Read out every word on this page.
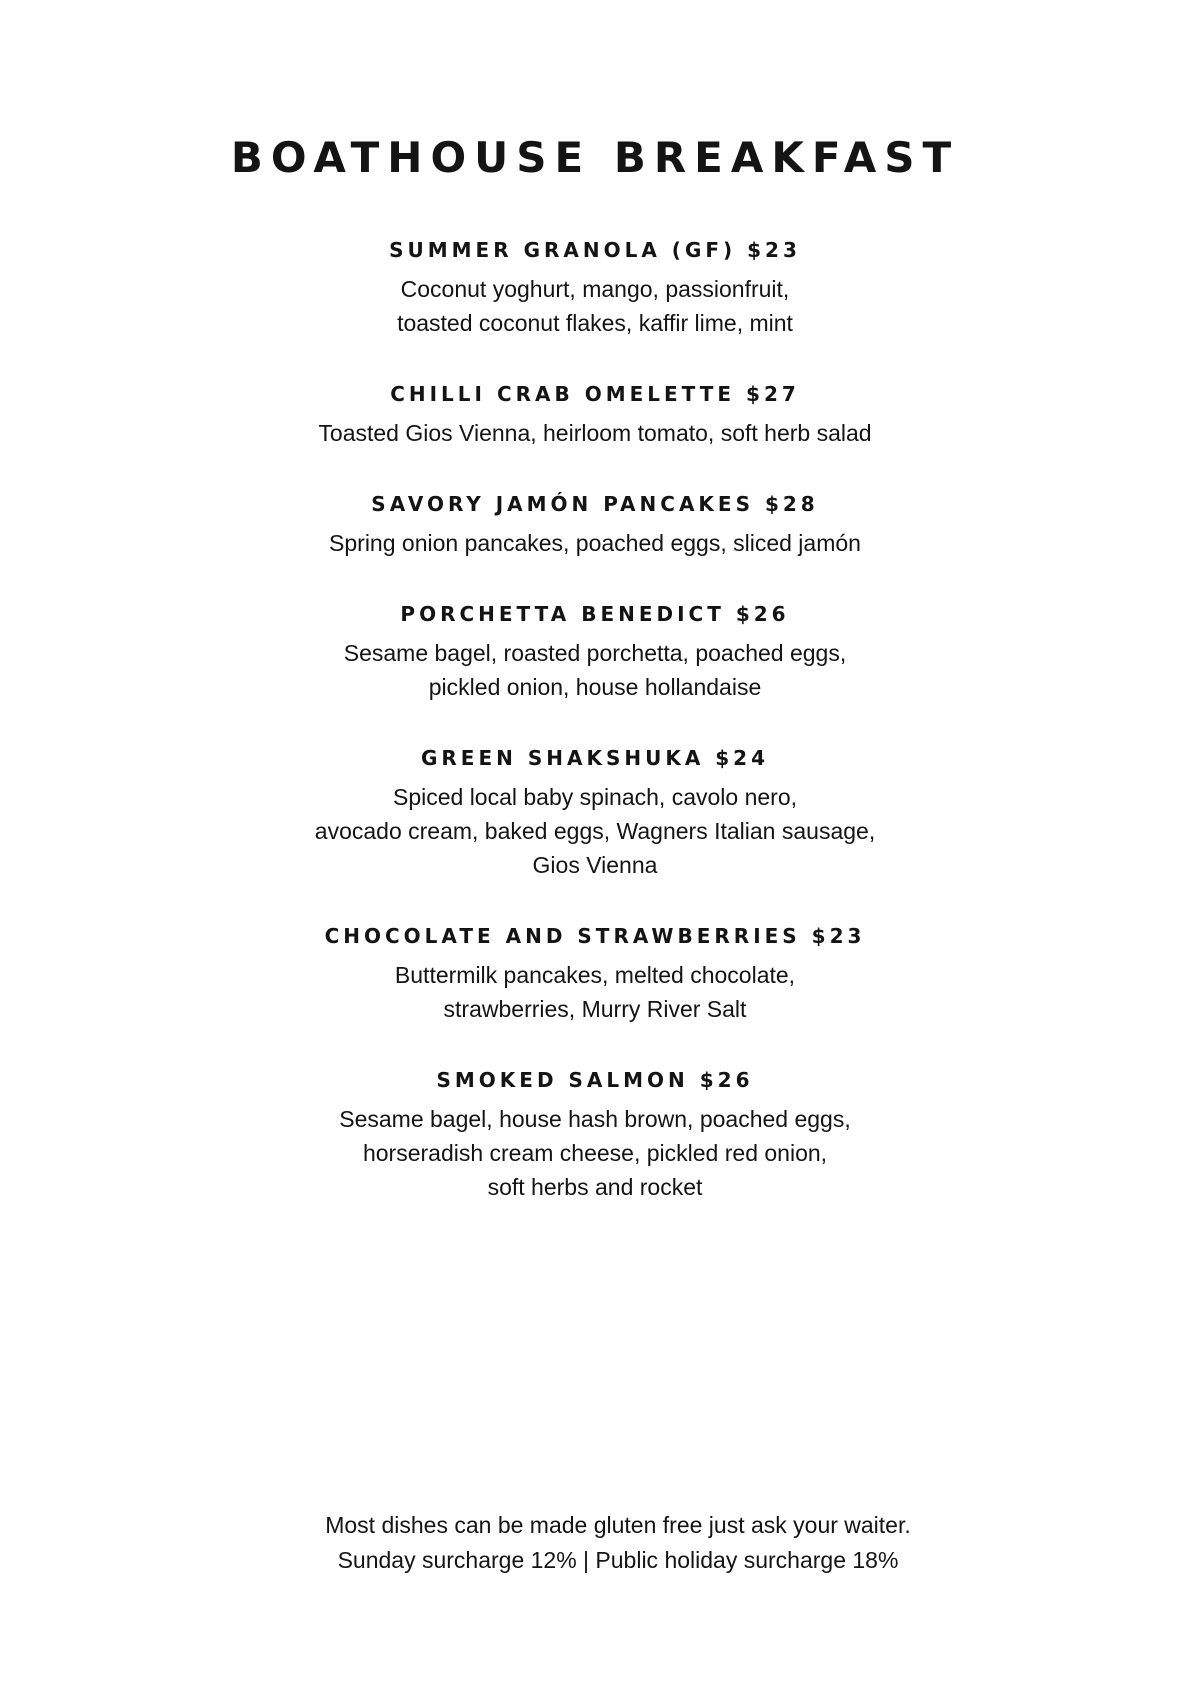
BOATHOUSE BREAKFAST
SUMMER GRANOLA (GF) $23

Coconut yoghurt, mango, passionfruit,
toasted coconut flakes, kaffir lime, mint

CHILLI CRAB OMELETTE $27

Toasted Gios Vienna, heirloom tomato, soft herb salad

SAVORY JAMÓN PANCAKES $28

Spring onion pancakes, poached eggs, sliced jamón

PORCHETTA BENEDICT $26

Sesame bagel, roasted porchetta, poached eggs,
pickled onion, house hollandaise

GREEN SHAKSHUKA $24

Spiced local baby spinach, cavolo nero,
avocado cream, baked eggs, Wagners Italian sausage,
Gios Vienna

CHOCOLATE AND STRAWBERRIES $23

Buttermilk pancakes, melted chocolate,
strawberries, Murry River Salt

SMOKED SALMON $26

Sesame bagel, house hash brown, poached eggs,
horseradish cream cheese, pickled red onion,
soft herbs and rocket

Most dishes can be made gluten free just ask your waiter.

Sunday surcharge 12% | Public holiday surcharge 18%
